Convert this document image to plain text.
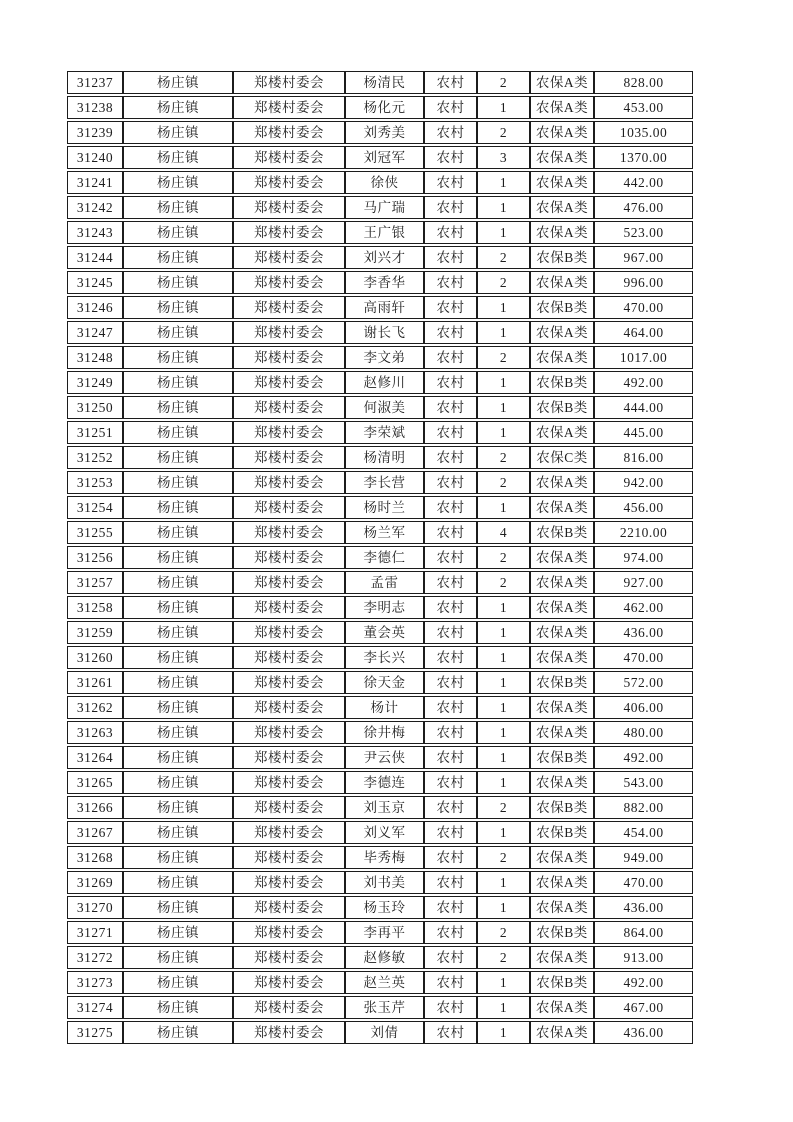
31237	杨庄镇	郑楼村委会	杨清民	农村	2	农保A类	828.00
31238	杨庄镇	郑楼村委会	杨化元	农村	1	农保A类	453.00
31239	杨庄镇	郑楼村委会	刘秀美	农村	2	农保A类	1035.00
31240	杨庄镇	郑楼村委会	刘冠军	农村	3	农保A类	1370.00
31241	杨庄镇	郑楼村委会	徐侠	农村	1	农保A类	442.00
31242	杨庄镇	郑楼村委会	马广瑞	农村	1	农保A类	476.00
31243	杨庄镇	郑楼村委会	王广银	农村	1	农保A类	523.00
31244	杨庄镇	郑楼村委会	刘兴才	农村	2	农保B类	967.00
31245	杨庄镇	郑楼村委会	李香华	农村	2	农保A类	996.00
31246	杨庄镇	郑楼村委会	高雨轩	农村	1	农保B类	470.00
31247	杨庄镇	郑楼村委会	谢长飞	农村	1	农保A类	464.00
31248	杨庄镇	郑楼村委会	李文弟	农村	2	农保A类	1017.00
31249	杨庄镇	郑楼村委会	赵修川	农村	1	农保B类	492.00
31250	杨庄镇	郑楼村委会	何淑美	农村	1	农保B类	444.00
31251	杨庄镇	郑楼村委会	李荣斌	农村	1	农保A类	445.00
31252	杨庄镇	郑楼村委会	杨清明	农村	2	农保C类	816.00
31253	杨庄镇	郑楼村委会	李长营	农村	2	农保A类	942.00
31254	杨庄镇	郑楼村委会	杨时兰	农村	1	农保A类	456.00
31255	杨庄镇	郑楼村委会	杨兰军	农村	4	农保B类	2210.00
31256	杨庄镇	郑楼村委会	李德仁	农村	2	农保A类	974.00
31257	杨庄镇	郑楼村委会	孟雷	农村	2	农保A类	927.00
31258	杨庄镇	郑楼村委会	李明志	农村	1	农保A类	462.00
31259	杨庄镇	郑楼村委会	董会英	农村	1	农保A类	436.00
31260	杨庄镇	郑楼村委会	李长兴	农村	1	农保A类	470.00
31261	杨庄镇	郑楼村委会	徐天金	农村	1	农保B类	572.00
31262	杨庄镇	郑楼村委会	杨计	农村	1	农保A类	406.00
31263	杨庄镇	郑楼村委会	徐井梅	农村	1	农保A类	480.00
31264	杨庄镇	郑楼村委会	尹云侠	农村	1	农保B类	492.00
31265	杨庄镇	郑楼村委会	李德连	农村	1	农保A类	543.00
31266	杨庄镇	郑楼村委会	刘玉京	农村	2	农保B类	882.00
31267	杨庄镇	郑楼村委会	刘义军	农村	1	农保B类	454.00
31268	杨庄镇	郑楼村委会	毕秀梅	农村	2	农保A类	949.00
31269	杨庄镇	郑楼村委会	刘书美	农村	1	农保A类	470.00
31270	杨庄镇	郑楼村委会	杨玉玲	农村	1	农保A类	436.00
31271	杨庄镇	郑楼村委会	李再平	农村	2	农保B类	864.00
31272	杨庄镇	郑楼村委会	赵修敏	农村	2	农保A类	913.00
31273	杨庄镇	郑楼村委会	赵兰英	农村	1	农保B类	492.00
31274	杨庄镇	郑楼村委会	张玉芹	农村	1	农保A类	467.00
31275	杨庄镇	郑楼村委会	刘倩	农村	1	农保A类	436.00
